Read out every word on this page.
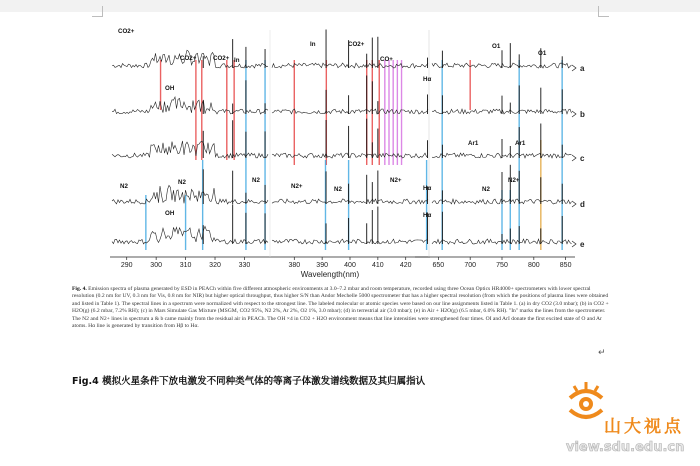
290	300	310	320	330	380 390 400 410 420	650	700	750	800	850
Wavelength(nm)
a
b
c
d
e
CO2+
CO2+	CO2+ In
In	CO2+
CO+
O1
O1
OH
Hα
Ar1	Ar1
N2
N2
N2+
N2
N2
N2+
N2
N2+
Hα
OH	Hα
Fig. 4. Emission spectra of plasma generated by ESD in PEACh within five different atmospheric environments at 3.0–7.2 mbar and room temperature, recorded using three Ocean Optics HR4000+ spectrometers with lower spectral resolution (0.2 nm for UV, 0.3 nm for Vis, 0.8 nm for NIR) but higher optical throughput, thus higher S/N than Andor Mechelle 5000 spectrometer that has a higher spectral resolution (from which the positions of plasma lines were obtained and listed in Table 1). The spectral lines in a spectrum were normalized with respect to the strongest line. The labeled molecular or atomic species were based on our line assignments listed in Table 1. (a) in dry CO2 (3.0 mbar); (b) in CO2 + H2O(g) (6.2 mbar, 7.2% RH); (c) in Mars Simulate Gas Mixture (MSGM, CO2 95%, N2 2%, Ar 2%, O2 1%, 3.0 mbar); (d) in terrestrial air (3.0 mbar); (e) in Air + H2O(g) (6.5 mbar, 6.0% RH). "In" marks the lines from the spectrometer. The N2 and N2+ lines in spectrum a & b came mainly from the residual air in PEACh. The OH ×4 in CO2 + H2O environment means that line intensities were strengthened four times. OI and ArI donate the first excited state of O and Ar atoms. Hα line is generated by transition from Hβ to Hα.
↵
Fig.4 模拟火星条件下放电激发不同种类气体的等离子体激发谱线数据及其归属指认
山大视点
view.sdu.edu.cn
